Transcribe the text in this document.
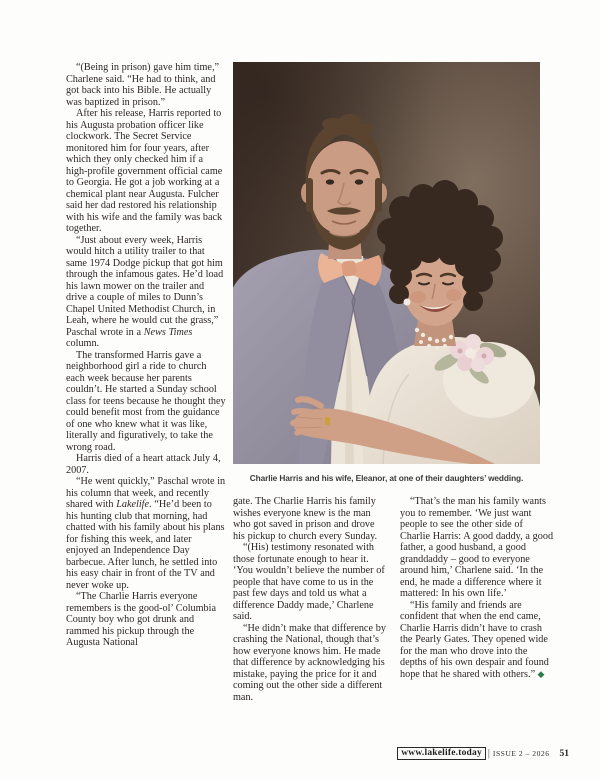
“(Being in prison) gave him time,” Charlene said. “He had to think, and got back into his Bible. He actually was baptized in prison.”

After his release, Harris reported to his Augusta probation officer like clockwork. The Secret Service monitored him for four years, after which they only checked him if a high-profile government official came to Georgia. He got a job working at a chemical plant near Augusta. Fulcher said her dad restored his relationship with his wife and the family was back together.

“Just about every week, Harris would hitch a utility trailer to that same 1974 Dodge pickup that got him through the infamous gates. He’d load his lawn mower on the trailer and drive a couple of miles to Dunn’s Chapel United Methodist Church, in Leah, where he would cut the grass,” Paschal wrote in a News Times column.

The transformed Harris gave a neighborhood girl a ride to church each week because her parents couldn’t. He started a Sunday school class for teens because he thought they could benefit most from the guidance of one who knew what it was like, literally and figuratively, to take the wrong road.

Harris died of a heart attack July 4, 2007.

“He went quickly,” Paschal wrote in his column that week, and recently shared with Lakelife. “He’d been to his hunting club that morning, had chatted with his family about his plans for fishing this week, and later enjoyed an Independence Day barbecue. After lunch, he settled into his easy chair in front of the TV and never woke up.

“The Charlie Harris everyone remembers is the good-ol’ Columbia County boy who got drunk and rammed his pickup through the Augusta National

Charlie Harris and his wife, Eleanor, at one of their daughters’ wedding.

gate. The Charlie Harris his family wishes everyone knew is the man who got saved in prison and drove his pickup to church every Sunday.

“(His) testimony resonated with those fortunate enough to hear it. ‘You wouldn’t believe the number of people that have come to us in the past few days and told us what a difference Daddy made,’ Charlene said.

“He didn’t make that difference by crashing the National, though that’s how everyone knows him. He made that difference by acknowledging his mistake, paying the price for it and coming out the other side a different man.

“That’s the man his family wants you to remember. ‘We just want people to see the other side of Charlie Harris: A good daddy, a good father, a good husband, a good granddaddy – good to everyone around him,’ Charlene said. ‘In the end, he made a difference where it mattered: In his own life.’

“His family and friends are confident that when the end came, Charlie Harris didn’t have to crash the Pearly Gates. They opened wide for the man who drove into the depths of his own despair and found hope that he shared with others.” ◆

www.lakelife.today | ISSUE 2 – 2026 51
